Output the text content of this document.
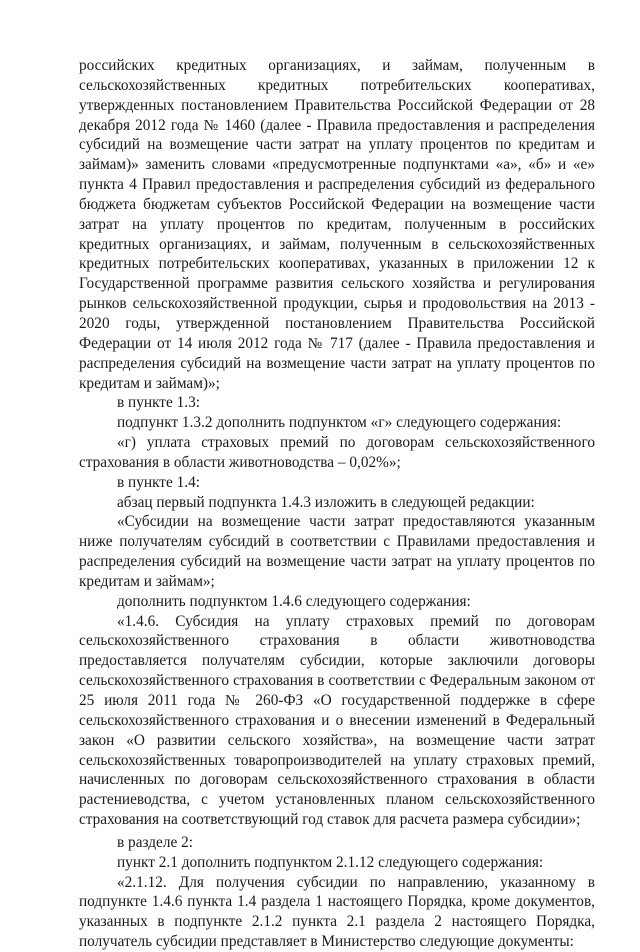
российских кредитных организациях, и займам, полученным в сельскохозяйственных кредитных потребительских кооперативах, утвержденных постановлением Правительства Российской Федерации от 28 декабря 2012 года № 1460 (далее - Правила предоставления и распределения субсидий на возмещение части затрат на уплату процентов по кредитам и займам)» заменить словами «предусмотренные подпунктами «а», «б» и «е» пункта 4 Правил предоставления и распределения субсидий из федерального бюджета бюджетам субъектов Российской Федерации на возмещение части затрат на уплату процентов по кредитам, полученным в российских кредитных организациях, и займам, полученным в сельскохозяйственных кредитных потребительских кооперативах, указанных в приложении 12 к Государственной программе развития сельского хозяйства и регулирования рынков сельскохозяйственной продукции, сырья и продовольствия на 2013 - 2020 годы, утвержденной постановлением Правительства Российской Федерации от 14 июля 2012 года № 717 (далее - Правила предоставления и распределения субсидий на возмещение части затрат на уплату процентов по кредитам и займам)»;

в пункте 1.3:

подпункт 1.3.2 дополнить подпунктом «г» следующего содержания:

«г) уплата страховых премий по договорам сельскохозяйственного страхования в области животноводства – 0,02%»;

в пункте 1.4:

абзац первый подпункта 1.4.3 изложить в следующей редакции:

«Субсидии на возмещение части затрат предоставляются указанным ниже получателям субсидий в соответствии с Правилами предоставления и распределения субсидий на возмещение части затрат на уплату процентов по кредитам и займам»;

дополнить подпунктом 1.4.6 следующего содержания:

«1.4.6. Субсидия на уплату страховых премий по договорам сельскохозяйственного страхования в области животноводства предоставляется получателям субсидии, которые заключили договоры сельскохозяйственного страхования в соответствии с Федеральным законом от 25 июля 2011 года № 260-ФЗ «О государственной поддержке в сфере сельскохозяйственного страхования и о внесении изменений в Федеральный закон «О развитии сельского хозяйства», на возмещение части затрат сельскохозяйственных товаропроизводителей на уплату страховых премий, начисленных по договорам сельскохозяйственного страхования в области растениеводства, с учетом установленных планом сельскохозяйственного страхования на соответствующий год ставок для расчета размера субсидии»;

в разделе 2:

пункт 2.1 дополнить подпунктом 2.1.12 следующего содержания:

«2.1.12. Для получения субсидии по направлению, указанному в подпункте 1.4.6 пункта 1.4 раздела 1 настоящего Порядка, кроме документов, указанных в подпункте 2.1.2 пункта 2.1 раздела 2 настоящего Порядка, получатель субсидии представляет в Министерство следующие документы:
